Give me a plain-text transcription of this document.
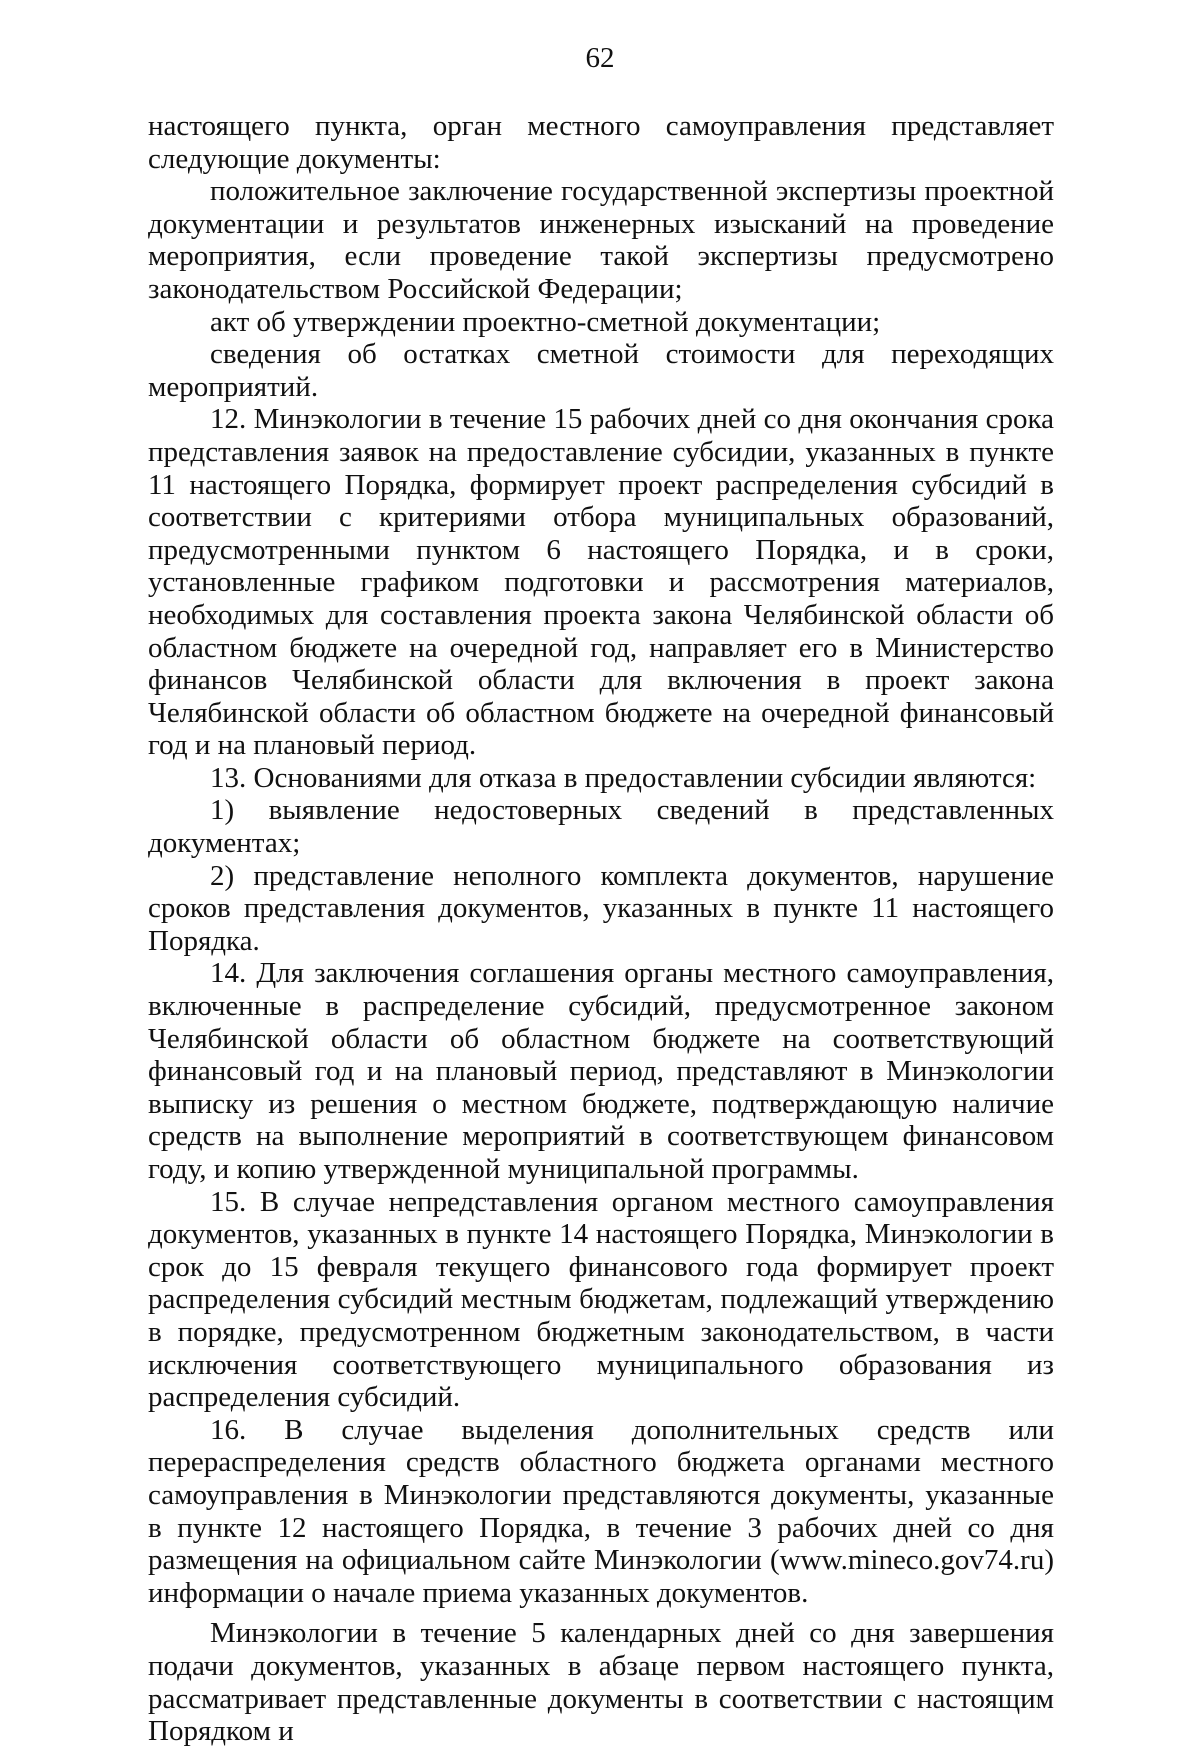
62

настоящего пункта, орган местного самоуправления представляет следующие документы:

положительное заключение государственной экспертизы проектной документации и результатов инженерных изысканий на проведение мероприятия, если проведение такой экспертизы предусмотрено законодательством Российской Федерации;

акт об утверждении проектно-сметной документации;

сведения об остатках сметной стоимости для переходящих мероприятий.

12. Минэкологии в течение 15 рабочих дней со дня окончания срока представления заявок на предоставление субсидии, указанных в пункте 11 настоящего Порядка, формирует проект распределения субсидий в соответствии с критериями отбора муниципальных образований, предусмотренными пунктом 6 настоящего Порядка, и в сроки, установленные графиком подготовки и рассмотрения материалов, необходимых для составления проекта закона Челябинской области об областном бюджете на очередной год, направляет его в Министерство финансов Челябинской области для включения в проект закона Челябинской области об областном бюджете на очередной финансовый год и на плановый период.

13. Основаниями для отказа в предоставлении субсидии являются:

1) выявление недостоверных сведений в представленных документах;

2) представление неполного комплекта документов, нарушение сроков представления документов, указанных в пункте 11 настоящего Порядка.

14. Для заключения соглашения органы местного самоуправления, включенные в распределение субсидий, предусмотренное законом Челябинской области об областном бюджете на соответствующий финансовый год и на плановый период, представляют в Минэкологии выписку из решения о местном бюджете, подтверждающую наличие средств на выполнение мероприятий в соответствующем финансовом году, и копию утвержденной муниципальной программы.

15. В случае непредставления органом местного самоуправления документов, указанных в пункте 14 настоящего Порядка, Минэкологии в срок до 15 февраля текущего финансового года формирует проект распределения субсидий местным бюджетам, подлежащий утверждению в порядке, предусмотренном бюджетным законодательством, в части исключения соответствующего муниципального образования из распределения субсидий.

16. В случае выделения дополнительных средств или перераспределения средств областного бюджета органами местного самоуправления в Минэкологии представляются документы, указанные в пункте 12 настоящего Порядка, в течение 3 рабочих дней со дня размещения на официальном сайте Минэкологии (www.mineco.gov74.ru) информации о начале приема указанных документов.

Минэкологии в течение 5 календарных дней со дня завершения подачи документов, указанных в абзаце первом настоящего пункта, рассматривает представленные документы в соответствии с настоящим Порядком и
